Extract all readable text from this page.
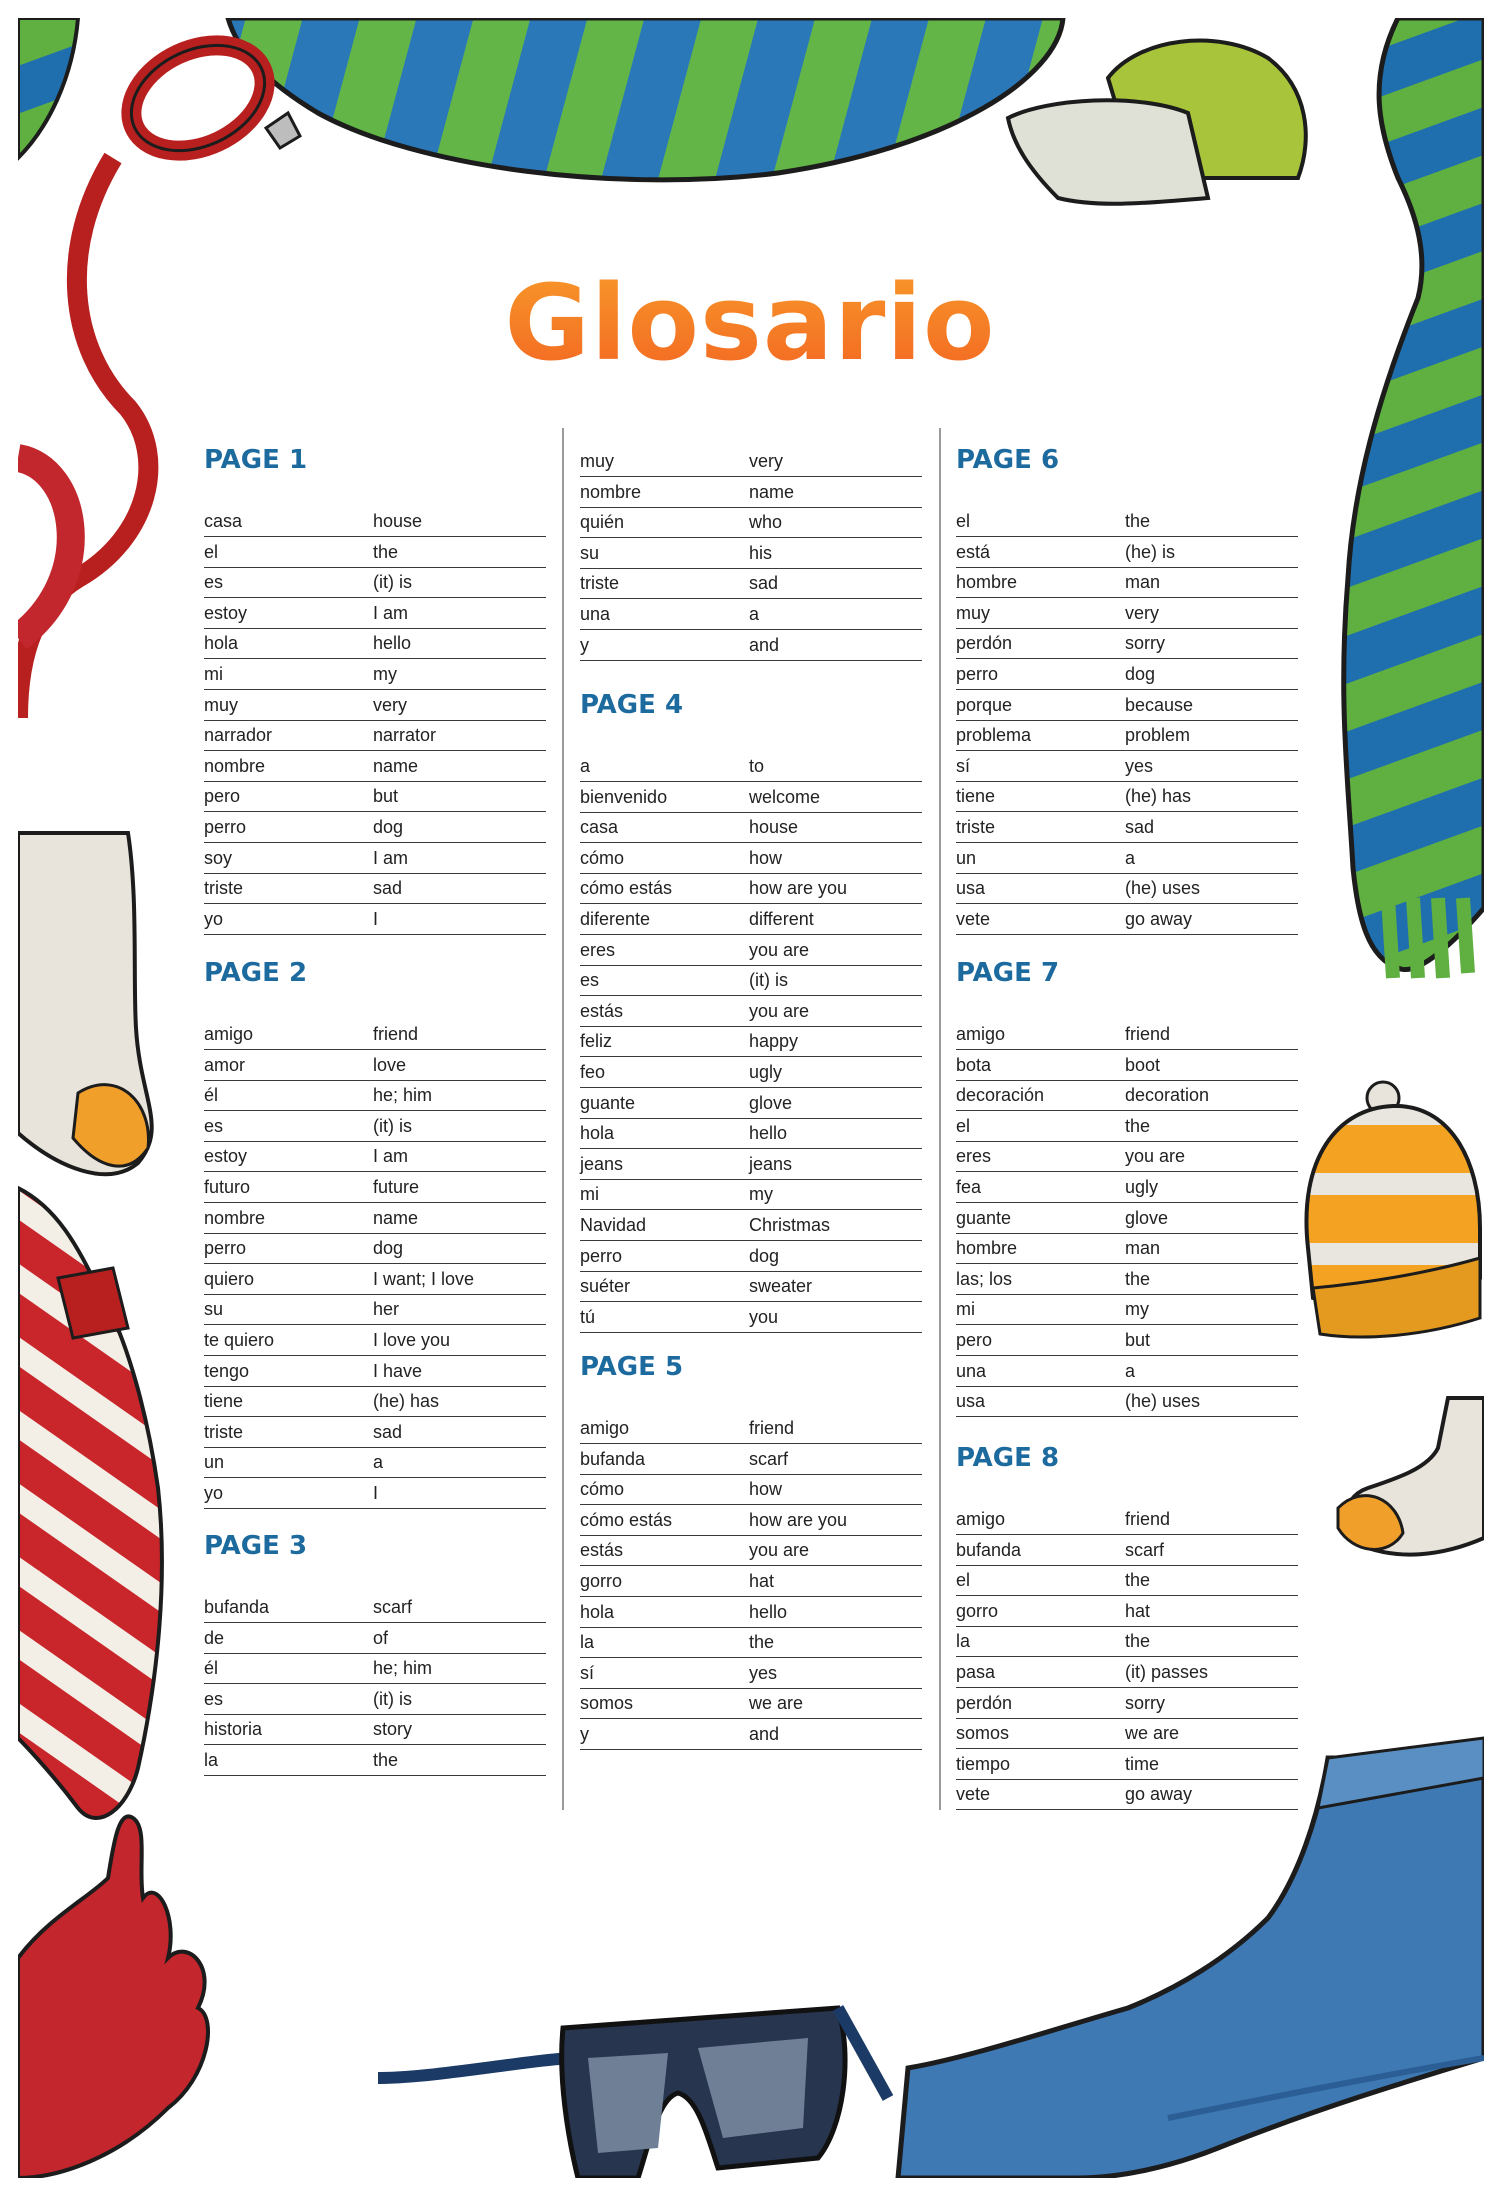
Glosario
PAGE 1
casa	house
el	the
es	(it) is
estoy	I am
hola	hello
mi	my
muy	very
narrador	narrator
nombre	name
pero	but
perro	dog
soy	I am
triste	sad
yo	I
PAGE 2
amigo	friend
amor	love
él	he; him
es	(it) is
estoy	I am
futuro	future
nombre	name
perro	dog
quiero	I want; I love
su	her
te quiero	I love you
tengo	I have
tiene	(he) has
triste	sad
un	a
yo	I
PAGE 3
bufanda	scarf
de	of
él	he; him
es	(it) is
historia	story
la	the
muy	very
nombre	name
quién	who
su	his
triste	sad
una	a
y	and
PAGE 4
a	to
bienvenido	welcome
casa	house
cómo	how
cómo estás	how are you
diferente	different
eres	you are
es	(it) is
estás	you are
feliz	happy
feo	ugly
guante	glove
hola	hello
jeans	jeans
mi	my
Navidad	Christmas
perro	dog
suéter	sweater
tú	you
PAGE 5
amigo	friend
bufanda	scarf
cómo	how
cómo estás	how are you
estás	you are
gorro	hat
hola	hello
la	the
sí	yes
somos	we are
y	and
PAGE 6
el	the
está	(he) is
hombre	man
muy	very
perdón	sorry
perro	dog
porque	because
problema	problem
sí	yes
tiene	(he) has
triste	sad
un	a
usa	(he) uses
vete	go away
PAGE 7
amigo	friend
bota	boot
decoración	decoration
el	the
eres	you are
fea	ugly
guante	glove
hombre	man
las; los	the
mi	my
pero	but
una	a
usa	(he) uses
PAGE 8
amigo	friend
bufanda	scarf
el	the
gorro	hat
la	the
pasa	(it) passes
perdón	sorry
somos	we are
tiempo	time
vete	go away
